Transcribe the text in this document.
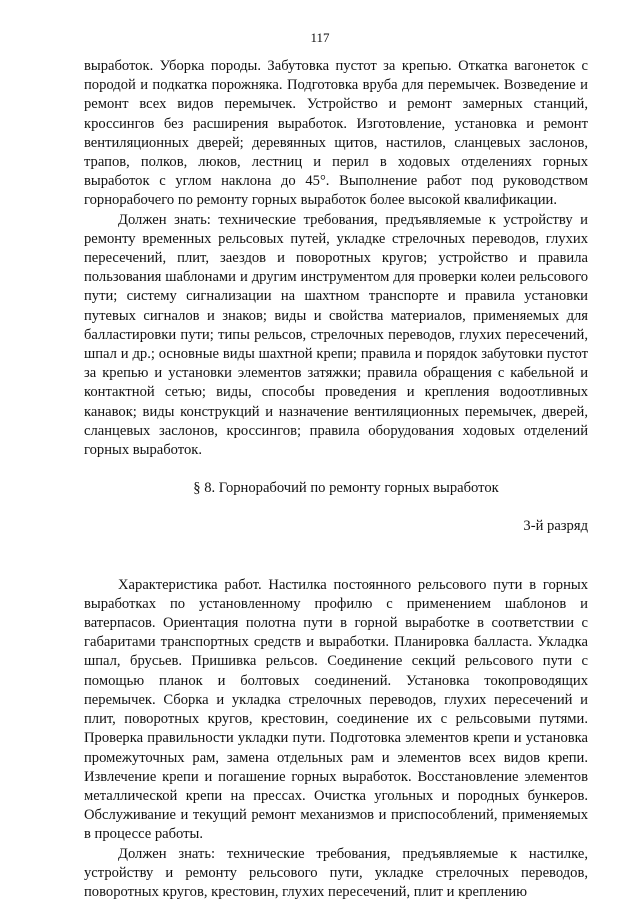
117

выработок. Уборка породы. Забутовка пустот за крепью. Откатка вагонеток с породой и подкатка порожняка. Подготовка вруба для перемычек. Возведение и ремонт всех видов перемычек. Устройство и ремонт замерных станций, кроссингов без расширения выработок. Изготовление, установка и ремонт вентиляционных дверей; деревянных щитов, настилов, сланцевых заслонов, трапов, полков, люков, лестниц и перил в ходовых отделениях горных выработок с углом наклона до 45°. Выполнение работ под руководством горнорабочего по ремонту горных выработок более высокой квалификации.

Должен знать: технические требования, предъявляемые к устройству и ремонту временных рельсовых путей, укладке стрелочных переводов, глухих пересечений, плит, заездов и поворотных кругов; устройство и правила пользования шаблонами и другим инструментом для проверки колеи рельсового пути; систему сигнализации на шахтном транспорте и правила установки путевых сигналов и знаков; виды и свойства материалов, применяемых для балластировки пути; типы рельсов, стрелочных переводов, глухих пересечений, шпал и др.; основные виды шахтной крепи; правила и порядок забутовки пустот за крепью и установки элементов затяжки; правила обращения с кабельной и контактной сетью; виды, способы проведения и крепления водоотливных канавок; виды конструкций и назначение вентиляционных перемычек, дверей, сланцевых заслонов, кроссингов; правила оборудования ходовых отделений горных выработок.

§ 8. Горнорабочий по ремонту горных выработок

3-й разряд

Характеристика работ. Настилка постоянного рельсового пути в горных выработках по установленному профилю с применением шаблонов и ватерпасов. Ориентация полотна пути в горной выработке в соответствии с габаритами транспортных средств и выработки. Планировка балласта. Укладка шпал, брусьев. Пришивка рельсов. Соединение секций рельсового пути с помощью планок и болтовых соединений. Установка токопроводящих перемычек. Сборка и укладка стрелочных переводов, глухих пересечений и плит, поворотных кругов, крестовин, соединение их с рельсовыми путями. Проверка правильности укладки пути. Подготовка элементов крепи и установка промежуточных рам, замена отдельных рам и элементов всех видов крепи. Извлечение крепи и погашение горных выработок. Восстановление элементов металлической крепи на прессах. Очистка угольных и породных бункеров. Обслуживание и текущий ремонт механизмов и приспособлений, применяемых в процессе работы.

Должен знать: технические требования, предъявляемые к настилке, устройству и ремонту рельсового пути, укладке стрелочных переводов, поворотных кругов, крестовин, глухих пересечений, плит и креплению
